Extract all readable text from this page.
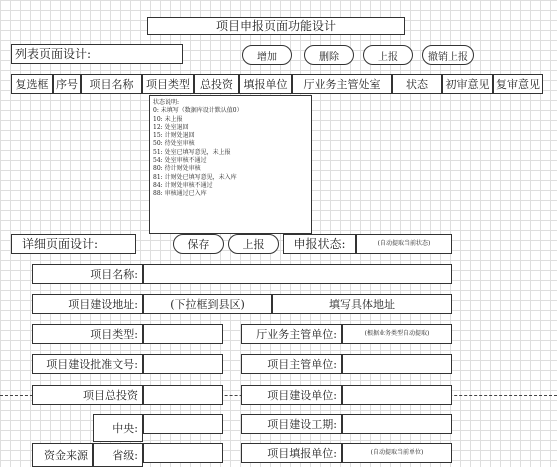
项目申报页面功能设计
列表页面设计:	增加	删除	上报	撤销上报
复选框 序号	项目名称	项目类型 总投资 填报单位	厅业务主管处室	状态	初审意见 复审意见
状态说明:
0: 未填写（数据库设计默认值0）
10: 未上报
12: 处室退回
15: 计财处退回
50: 待处室审核
51: 处室已填写意见，未上报
54: 处室审核不通过
80: 待计财处审核
81: 计财处已填写意见，未入库
84: 计财处审核不通过
88: 审核通过已入库
详细页面设计:	保存	上报	申报状态:	(自动提取当前状态)
项目名称:
项目建设地址:	(下拉框到县区)	填写具体地址
项目类型:	厅业务主管单位:	(根据业务类型自动提取)
项目建设批准文号:	项目主管单位:
项目总投资	项目建设单位:
中央:	项目建设工期:
资金来源	省级:	项目填报单位:	(自动提取当前单位)
